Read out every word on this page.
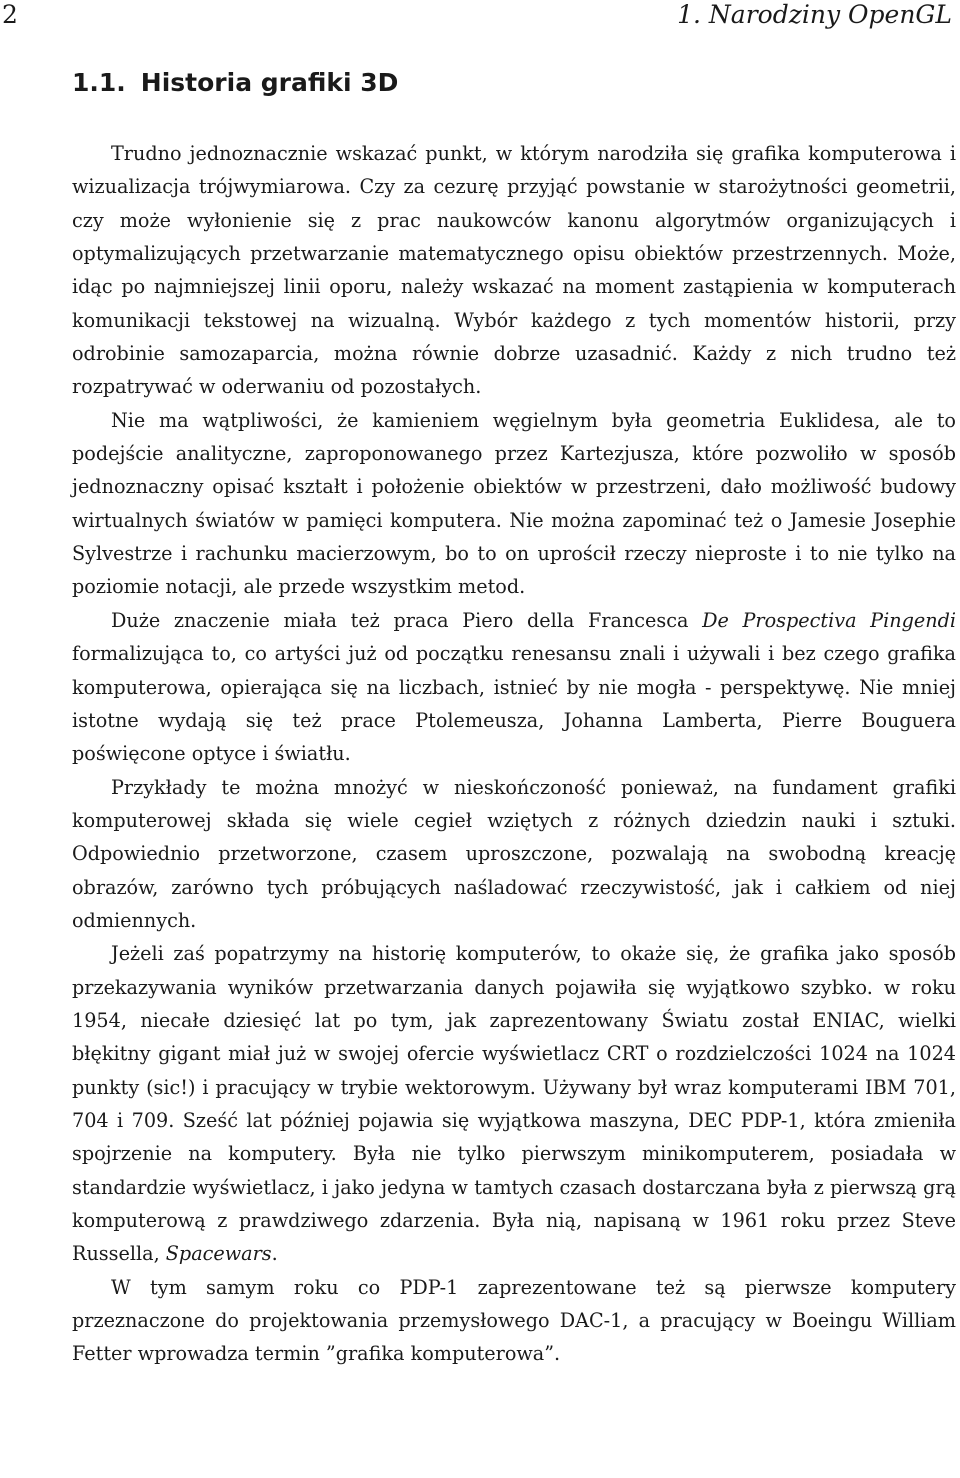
2	1. Narodziny OpenGL
1.1. Historia grafiki 3D

Trudno jednoznacznie wskazać punkt, w którym narodziła się grafika komputerowa i wizualizacja trójwymiarowa. Czy za cezurę przyjąć powstanie w starożytności geometrii, czy może wyłonienie się z prac naukowców kanonu algorytmów organizujących i optymalizujących przetwarzanie matematycznego opisu obiektów przestrzennych. Może, idąc po najmniejszej linii oporu, należy wskazać na moment zastąpienia w komputerach komunikacji tekstowej na wizualną. Wybór każdego z tych momentów historii, przy odrobinie samozaparcia, można równie dobrze uzasadnić. Każdy z nich trudno też rozpatrywać w oderwaniu od pozostałych.

Nie ma wątpliwości, że kamieniem węgielnym była geometria Euklidesa, ale to podejście analityczne, zaproponowanego przez Kartezjusza, które pozwoliło w sposób jednoznaczny opisać kształt i położenie obiektów w przestrzeni, dało możliwość budowy wirtualnych światów w pamięci komputera. Nie można zapominać też o Jamesie Josephie Sylvestrze i rachunku macierzowym, bo to on uprościł rzeczy nieproste i to nie tylko na poziomie notacji, ale przede wszystkim metod.

Duże znaczenie miała też praca Piero della Francesca De Prospectiva Pingendi formalizująca to, co artyści już od początku renesansu znali i używali i bez czego grafika komputerowa, opierająca się na liczbach, istnieć by nie mogła - perspektywę. Nie mniej istotne wydają się też prace Ptolemeusza, Johanna Lamberta, Pierre Bouguera poświęcone optyce i światłu.

Przykłady te można mnożyć w nieskończoność ponieważ, na fundament grafiki komputerowej składa się wiele cegieł wziętych z różnych dziedzin nauki i sztuki. Odpowiednio przetworzone, czasem uproszczone, pozwalają na swobodną kreację obrazów, zarówno tych próbujących naśladować rzeczywistość, jak i całkiem od niej odmiennych.

Jeżeli zaś popatrzymy na historię komputerów, to okaże się, że grafika jako sposób przekazywania wyników przetwarzania danych pojawiła się wyjątkowo szybko. w roku 1954, niecałe dziesięć lat po tym, jak zaprezentowany Światu został ENIAC, wielki błękitny gigant miał już w swojej ofercie wyświetlacz CRT o rozdzielczości 1024 na 1024 punkty (sic!) i pracujący w trybie wektorowym. Używany był wraz komputerami IBM 701, 704 i 709. Sześć lat później pojawia się wyjątkowa maszyna, DEC PDP-1, która zmieniła spojrzenie na komputery. Była nie tylko pierwszym minikomputerem, posiadała w standardzie wyświetlacz, i jako jedyna w tamtych czasach dostarczana była z pierwszą grą komputerową z prawdziwego zdarzenia. Była nią, napisaną w 1961 roku przez Steve Russella, Spacewars.

W tym samym roku co PDP-1 zaprezentowane też są pierwsze komputery przeznaczone do projektowania przemysłowego DAC-1, a pracujący w Boeingu William Fetter wprowadza termin ”grafika komputerowa”.
